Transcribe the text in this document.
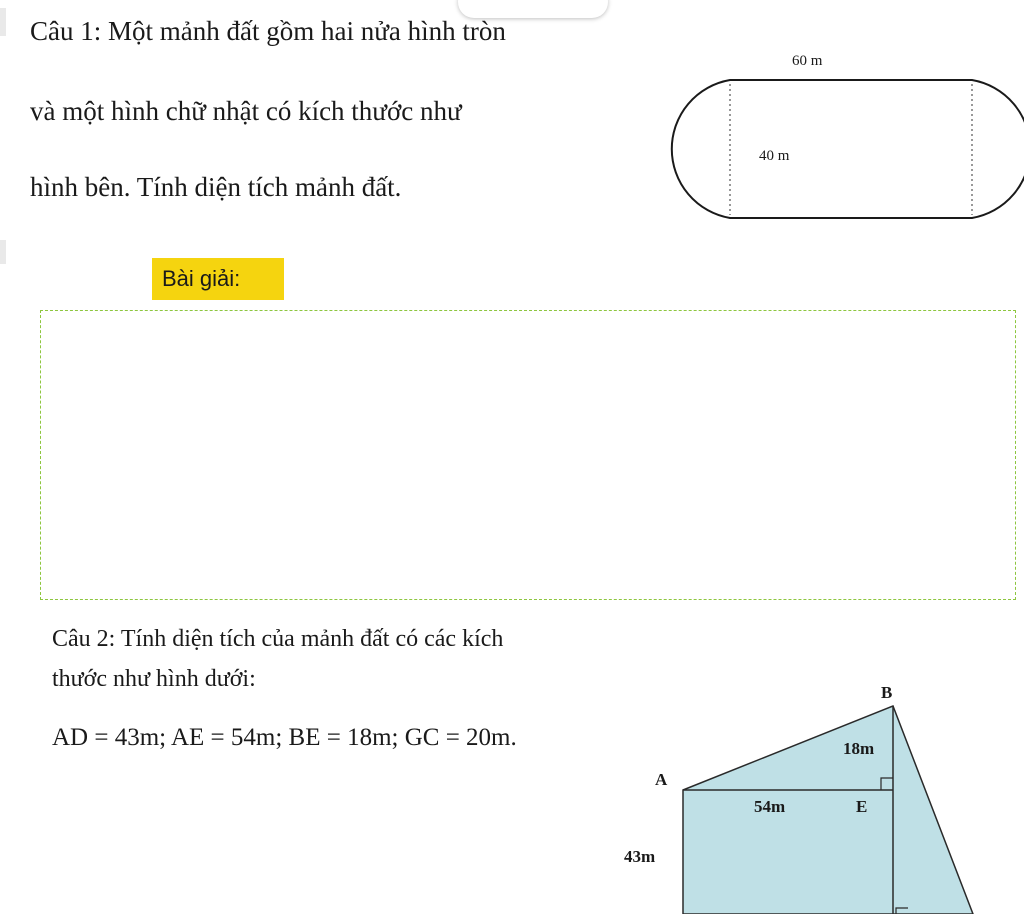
Câu 1: Một mảnh đất gồm hai nửa hình tròn
và một hình chữ nhật có kích thước như
hình bên. Tính diện tích mảnh đất.
60 m
40 m
Bài giải:
Câu 2: Tính diện tích của mảnh đất có các kích
thước như hình dưới:
AD = 43m; AE = 54m; BE = 18m; GC = 20m.
B
A
E
18m
54m
43m
